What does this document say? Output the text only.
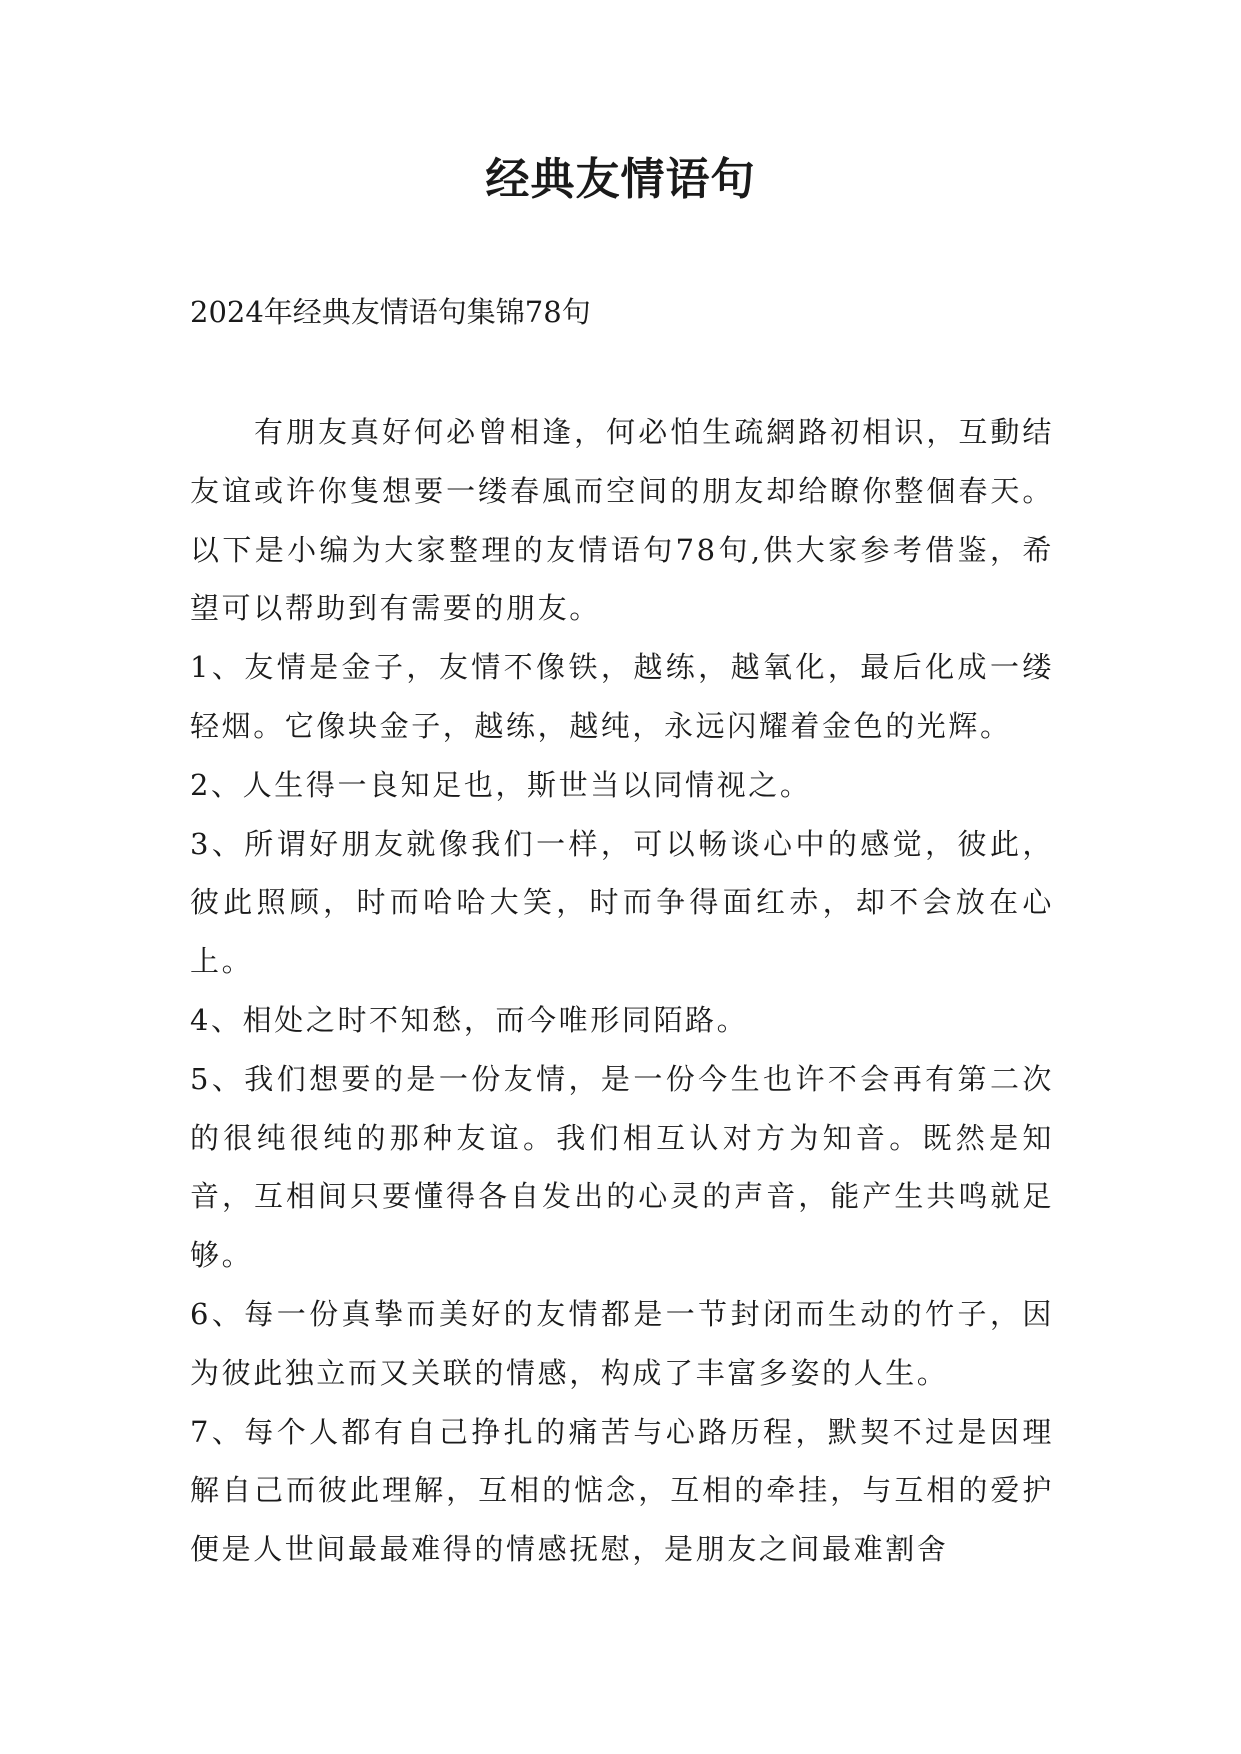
经典友情语句

2024年经典友情语句集锦78句

有朋友真好何必曾相逢，何必怕生疏網路初相识，互動结友谊或许你隻想要一缕春風而空间的朋友却给瞭你整個春天。以下是小编为大家整理的友情语句78句,供大家参考借鉴，希望可以帮助到有需要的朋友。

1、友情是金子，友情不像铁，越练，越氧化，最后化成一缕轻烟。它像块金子，越练，越纯，永远闪耀着金色的光辉。

2、人生得一良知足也，斯世当以同情视之。

3、所谓好朋友就像我们一样，可以畅谈心中的感觉，彼此，彼此照顾，时而哈哈大笑，时而争得面红赤，却不会放在心上。

4、相处之时不知愁，而今唯形同陌路。

5、我们想要的是一份友情，是一份今生也许不会再有第二次的很纯很纯的那种友谊。我们相互认对方为知音。既然是知音，互相间只要懂得各自发出的心灵的声音，能产生共鸣就足够。

6、每一份真挚而美好的友情都是一节封闭而生动的竹子，因为彼此独立而又关联的情感，构成了丰富多姿的人生。

7、每个人都有自己挣扎的痛苦与心路历程，默契不过是因理解自己而彼此理解，互相的惦念，互相的牵挂，与互相的爱护便是人世间最最难得的情感抚慰，是朋友之间最难割舍
